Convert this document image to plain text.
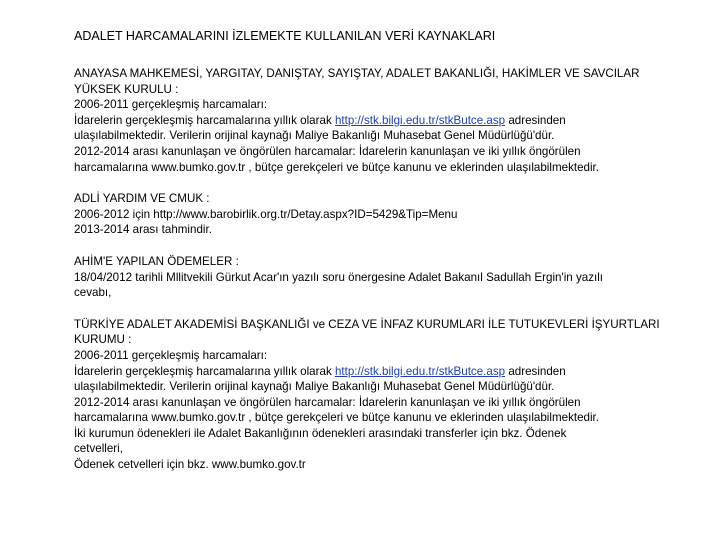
ADALET HARCAMALARINI İZLEMEKTE KULLANILAN VERİ KAYNAKLARI
ANAYASA MAHKEMESİ, YARGITAY, DANIŞTAY, SAYIŞTAY, ADALET BAKANLIĞI, HAKİMLER VE SAVCILAR
YÜKSEK KURULU :
2006-2011 gerçekleşmiş harcamaları:
İdarelerin gerçekleşmiş harcamalarına yıllık olarak http://stk.bilgi.edu.tr/stkButce.asp adresinden
ulaşılabilmektedir. Verilerin orijinal kaynağı Maliye Bakanlığı Muhasebat Genel Müdürlüğü'dür.
2012-2014 arası kanunlaşan ve öngörülen harcamalar: İdarelerin kanunlaşan ve iki yıllık öngörülen
harcamalarına www.bumko.gov.tr , bütçe gerekçeleri ve bütçe kanunu ve eklerinden ulaşılabilmektedir.
ADLİ YARDIM VE CMUK :
2006-2012 için http://www.barobirlik.org.tr/Detay.aspx?ID=5429&Tip=Menu
2013-2014 arası tahmindir.
AHİM'E YAPILAN ÖDEMELER :
18/04/2012 tarihli Mllitvekili Gürkut Acar'ın yazılı soru önergesine Adalet Bakanıl Sadullah Ergin'in yazılı
cevabı,
TÜRKİYE ADALET AKADEMİSİ BAŞKANLIĞI ve CEZA VE İNFAZ KURUMLARI İLE TUTUKEVLERİ İŞYURTLARI
KURUMU :
2006-2011 gerçekleşmiş harcamaları:
İdarelerin gerçekleşmiş harcamalarına yıllık olarak http://stk.bilgi.edu.tr/stkButce.asp adresinden
ulaşılabilmektedir. Verilerin orijinal kaynağı Maliye Bakanlığı Muhasebat Genel Müdürlüğü'dür.
2012-2014 arası kanunlaşan ve öngörülen harcamalar: İdarelerin kanunlaşan ve iki yıllık öngörülen
harcamalarına www.bumko.gov.tr , bütçe gerekçeleri ve bütçe kanunu ve eklerinden ulaşılabilmektedir.
İki kurumun ödenekleri ile Adalet Bakanlığının ödenekleri arasındaki transferler için bkz. Ödenek
cetvelleri,
Ödenek cetvelleri için bkz. www.bumko.gov.tr
